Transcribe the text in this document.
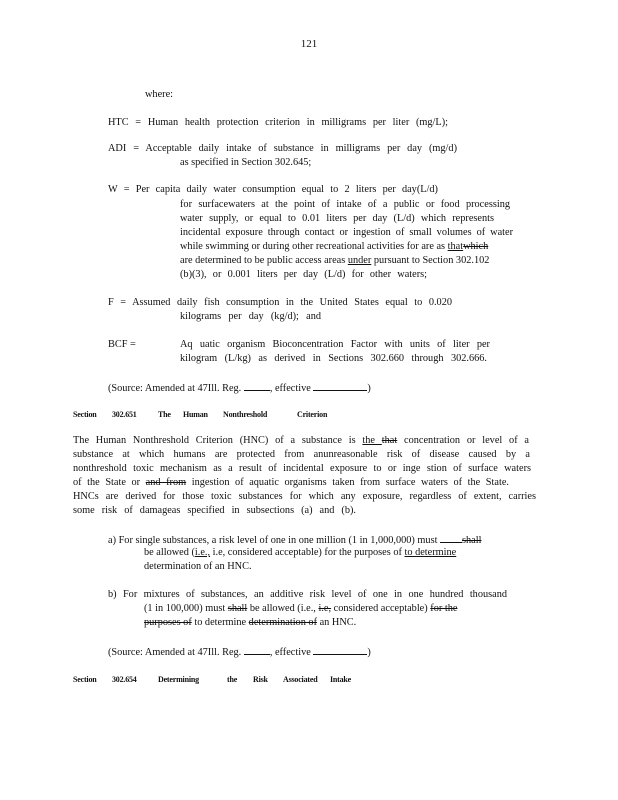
121
where:
HTC = Human health protection criterion in milligrams per liter (mg/L);
ADI = Acceptable daily intake of substance in milligrams per day (mg/d)
as specified in Section 302.645;
W = Per capita daily water consumption equal to 2 liters per day(L/d)
for surfacewaters at the point of intake of a public or food processing
water supply, or equal to 0.01 liters per day (L/d) which represents
incidental exposure through contact or ingestion of small volumes of water
while swimming or during other recreational activities for are as thatwhich
are determined to be public access areas under pursuant to Section 302.102
(b)(3), or 0.001 liters per day (L/d) for other waters;
F = Assumed daily fish consumption in the United States equal to 0.020
kilograms per day (kg/d); and
BCF =	Aq uatic organism Bioconcentration Factor with units of liter per
kilogram (L/kg) as derived in Sections 302.660 through 302.666.
(Source: Amended at 47Ill. Reg.	, effective	)
Section 302.651	The Human Nonthreshold	Criterion
The Human Nonthreshold Criterion (HNC) of a substance is the that concentration or level of a
substance at which humans are protected from anunreasonable risk of disease caused by a
nonthreshold toxic mechanism as a result of incidental exposure to or inge stion of surface waters
of the State or and from ingestion of aquatic organisms taken from surface waters of the State.
HNCs are derived for those toxic substances for which any exposure, regardless of extent, carries
some risk of damageas specified in subsections (a) and (b).
a) For single substances, a risk level of one in one million (1 in 1,000,000) must shall
be allowed (i.e., i.e, considered acceptable) for the purposes of to determine
determination of an HNC.
b) For mixtures of substances, an additive risk level of one in one hundred thousand
(1 in 100,000) must shall be allowed (i.e., i.e, considered acceptable) for the
purposes of to determine determination of an HNC.
(Source: Amended at 47Ill. Reg.	, effective	)
Section 302.654	Determining	the Risk Associated Intake
